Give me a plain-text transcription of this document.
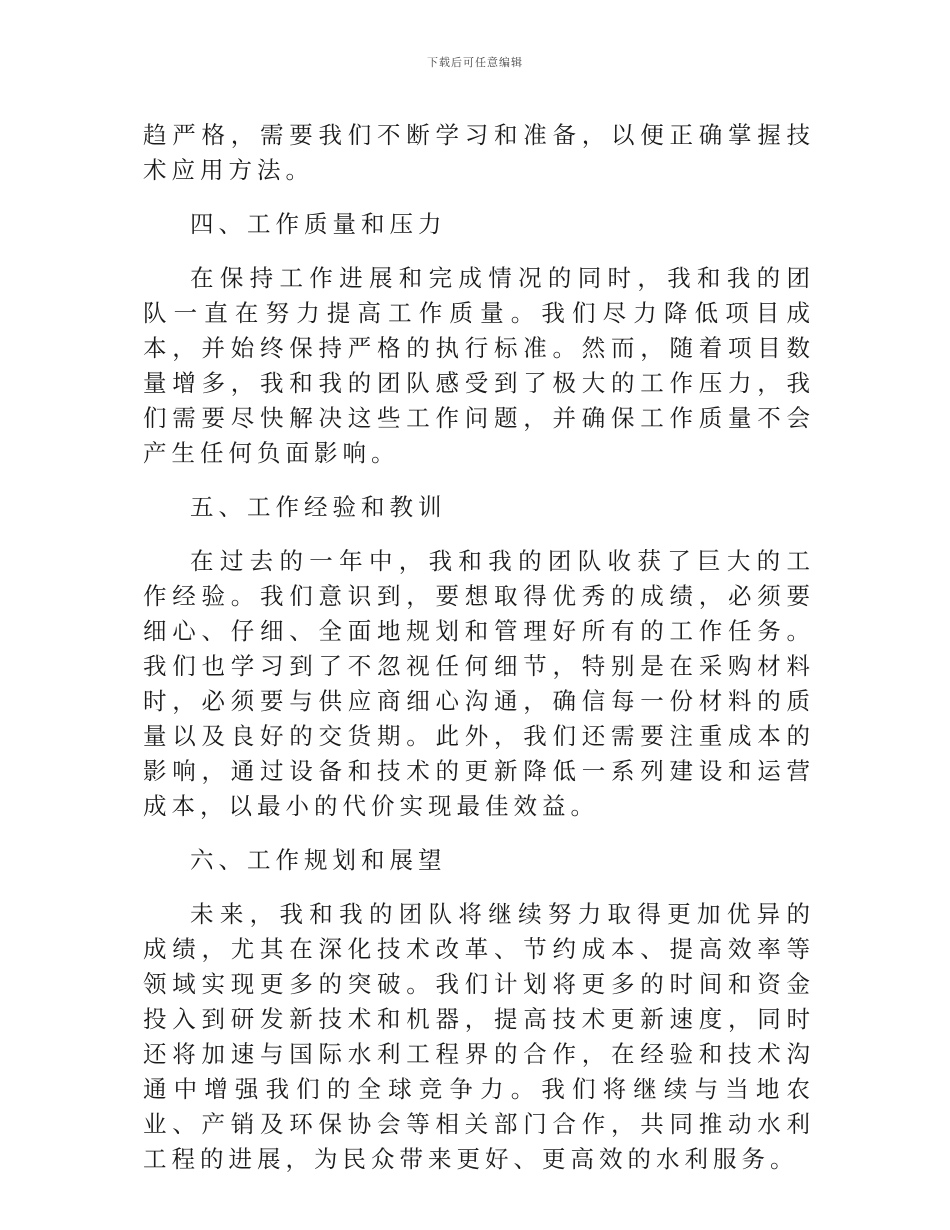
下载后可任意编辑

趋严格，需要我们不断学习和准备，以便正确掌握技术应用方法。

四、工作质量和压力

在保持工作进展和完成情况的同时，我和我的团队一直在努力提高工作质量。我们尽力降低项目成本，并始终保持严格的执行标准。然而，随着项目数量增多，我和我的团队感受到了极大的工作压力，我们需要尽快解决这些工作问题，并确保工作质量不会产生任何负面影响。

五、工作经验和教训

在过去的一年中，我和我的团队收获了巨大的工作经验。我们意识到，要想取得优秀的成绩，必须要细心、仔细、全面地规划和管理好所有的工作任务。我们也学习到了不忽视任何细节，特别是在采购材料时，必须要与供应商细心沟通，确信每一份材料的质量以及良好的交货期。此外，我们还需要注重成本的影响，通过设备和技术的更新降低一系列建设和运营成本，以最小的代价实现最佳效益。

六、工作规划和展望

未来，我和我的团队将继续努力取得更加优异的成绩，尤其在深化技术改革、节约成本、提高效率等领域实现更多的突破。我们计划将更多的时间和资金投入到研发新技术和机器，提高技术更新速度，同时还将加速与国际水利工程界的合作，在经验和技术沟通中增强我们的全球竞争力。我们将继续与当地农业、产销及环保协会等相关部门合作，共同推动水利工程的进展，为民众带来更好、更高效的水利服务。
